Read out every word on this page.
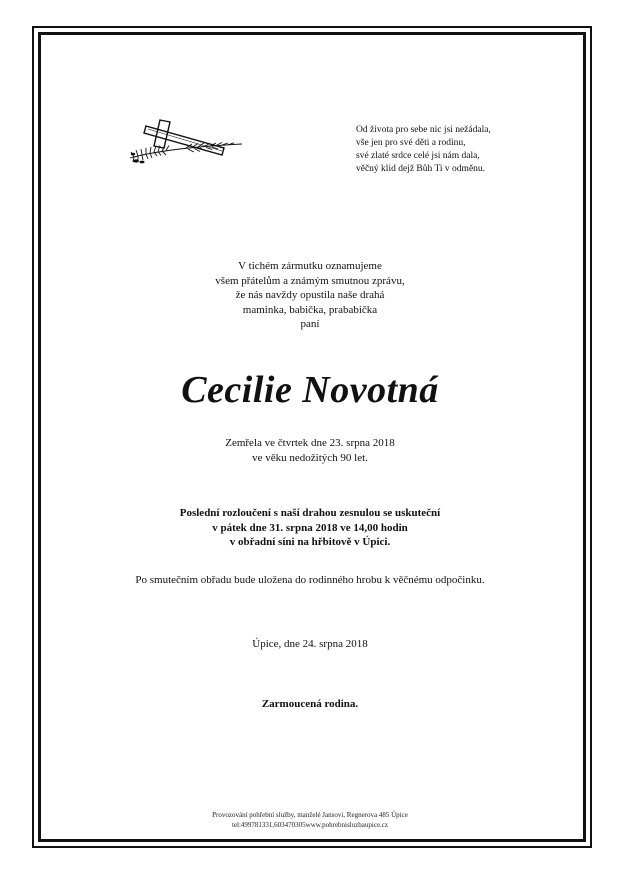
Od života pro sebe nic jsi nežádala,
vše jen pro své děti a rodinu,
své zlaté srdce celé jsi nám dala,
věčný klid dejž Bůh Ti v odměnu.
V tichém zármutku oznamujeme
všem přátelům a známým smutnou zprávu,
že nás navždy opustila naše drahá
maminka, babička, prababička
paní
Cecilie Novotná
Zemřela ve čtvrtek dne 23. srpna 2018
ve věku nedožitých 90 let.
Poslední rozloučení s naší drahou zesnulou se uskuteční
v pátek dne 31. srpna 2018 ve 14,00 hodin
v obřadní síni na hřbitově v Úpici.
Po smutečním obřadu bude uložena do rodinného hrobu k věčnému odpočinku.
Úpice, dne 24. srpna 2018
Zarmoucená rodina.
Provozování pohřební služby, manželé Jansovi, Regnerova 485 Úpice
tel:499781331,603470305www.pohrebnisluzbaupice.cz
